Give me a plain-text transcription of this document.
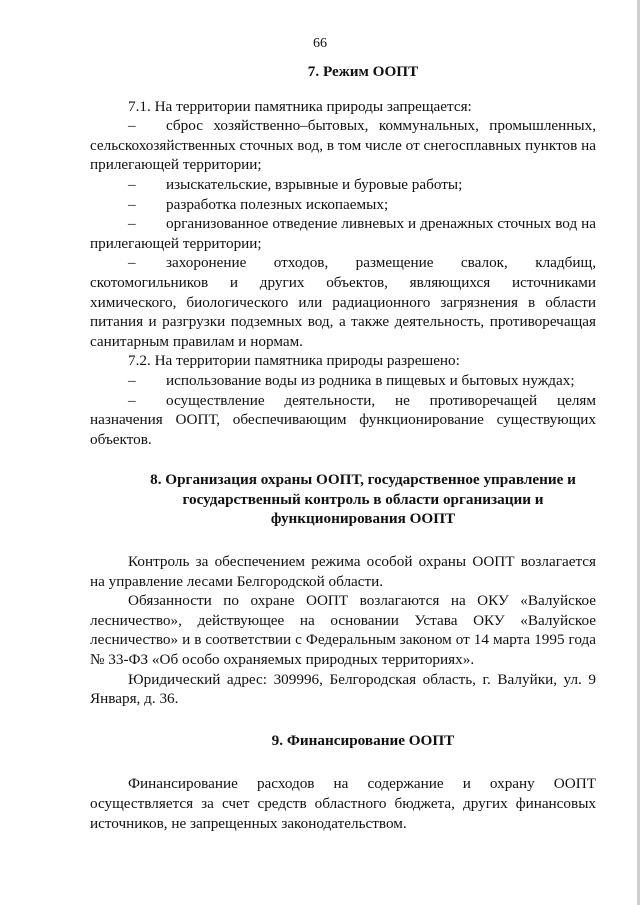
66
7. Режим ООПТ

7.1. На территории памятника природы запрещается:

– сброс хозяйственно–бытовых, коммунальных, промышленных, сельскохозяйственных сточных вод, в том числе от снегосплавных пунктов на прилегающей территории;
– изыскательские, взрывные и буровые работы;
– разработка полезных ископаемых;
– организованное отведение ливневых и дренажных сточных вод на прилегающей территории;
– захоронение отходов, размещение свалок, кладбищ, скотомогильников и других объектов, являющихся источниками химического, биологического или радиационного загрязнения в области питания и разгрузки подземных вод, а также деятельность, противоречащая санитарным правилам и нормам.

7.2. На территории памятника природы разрешено:

– использование воды из родника в пищевых и бытовых нуждах;
– осуществление деятельности, не противоречащей целям назначения ООПТ, обеспечивающим функционирование существующих объектов.
8. Организация охраны ООПТ, государственное управление и государственный контроль в области организации и функционирования ООПТ

Контроль за обеспечением режима особой охраны ООПТ возлагается на управление лесами Белгородской области.

Обязанности по охране ООПТ возлагаются на ОКУ «Валуйское лесничество», действующее на основании Устава ОКУ «Валуйское лесничество» и в соответствии с Федеральным законом от 14 марта 1995 года № 33-ФЗ «Об особо охраняемых природных территориях».

Юридический адрес: 309996, Белгородская область, г. Валуйки, ул. 9 Января, д. 36.

9. Финансирование ООПТ

Финансирование расходов на содержание и охрану ООПТ осуществляется за счет средств областного бюджета, других финансовых источников, не запрещенных законодательством.
